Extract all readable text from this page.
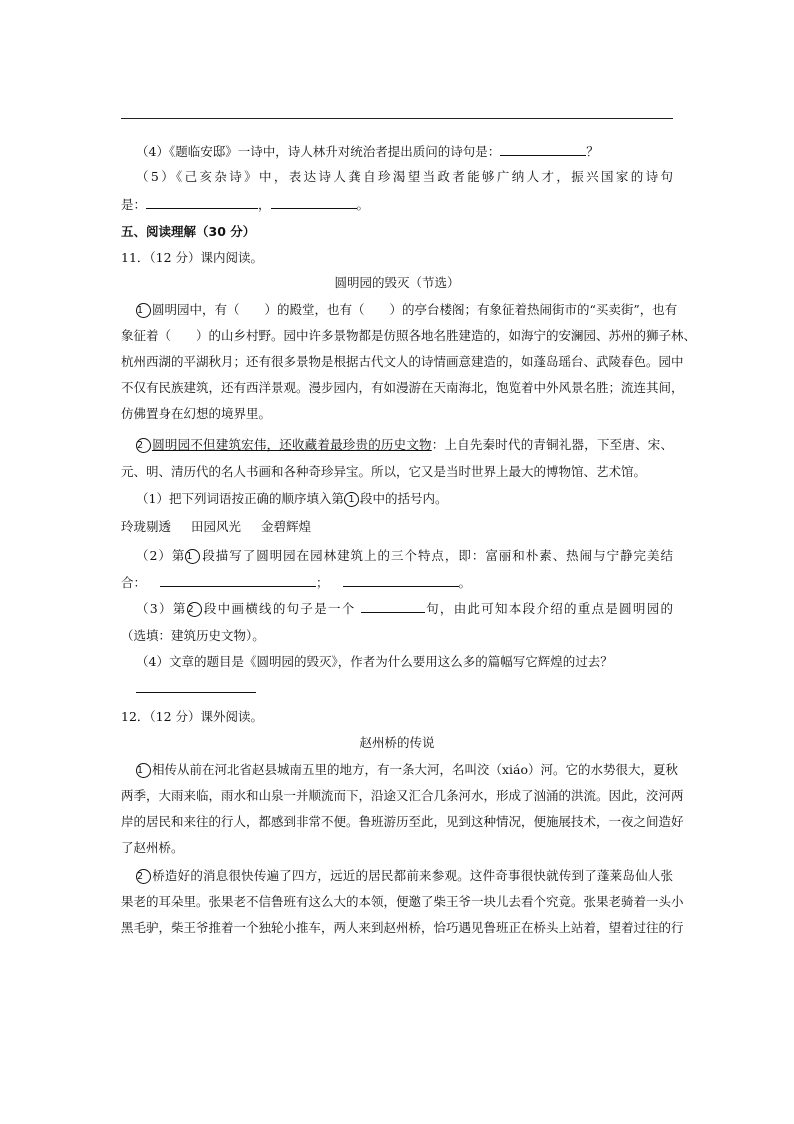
（4）《题临安邸》一诗中，诗人林升对统治者提出质问的诗句是：	？
（5）《己亥杂诗》中，表达诗人龚自珍渴望当政者能够广纳人才，振兴国家的诗句
是：	，	。
五、阅读理解（30 分）
11．（12 分）课内阅读。
圆明园的毁灭（节选）
1 圆明园中，有（　　）的殿堂，也有（　　）的亭台楼阁；有象征着热闹街市的“买卖街”，也有
象征着（　　）的山乡村野。园中许多景物都是仿照各地名胜建造的，如海宁的安澜园、苏州的狮子林、
杭州西湖的平湖秋月；还有很多景物是根据古代文人的诗情画意建造的，如蓬岛瑶台、武陵春色。园中
不仅有民族建筑，还有西洋景观。漫步园内，有如漫游在天南海北，饱览着中外风景名胜；流连其间，
仿佛置身在幻想的境界里。
2 圆明园不但建筑宏伟，还收藏着最珍贵的历史文物：上自先秦时代的青铜礼器，下至唐、宋、
元、明、清历代的名人书画和各种奇珍异宝。所以，它又是当时世界上最大的博物馆、艺术馆。
（1）把下列词语按正确的顺序填入第 1 段中的括号内。
玲珑剔透 田园风光 金碧辉煌
（2）第1 段描写了圆明园在园林建筑上的三个特点，即：富丽和朴素、热闹与宁静完美结
合：	；	。
（3）第2 段中画横线的句子是一个	句，由此可知本段介绍的重点是圆明园的
（选填：建筑历史文物）。
（4）文章的题目是《圆明园的毁灭》，作者为什么要用这么多的篇幅写它辉煌的过去？
12．（12 分）课外阅读。
赵州桥的传说
1 相传从前在河北省赵县城南五里的地方，有一条大河，名叫洨（xiáo）河。它的水势很大，夏秋
两季，大雨来临，雨水和山泉一并顺流而下，沿途又汇合几条河水，形成了汹涌的洪流。因此，洨河两
岸的居民和来往的行人，都感到非常不便。鲁班游历至此，见到这种情况，便施展技术，一夜之间造好
了赵州桥。
2 桥造好的消息很快传遍了四方，远近的居民都前来参观。这件奇事很快就传到了蓬莱岛仙人张
果老的耳朵里。张果老不信鲁班有这么大的本领，便邀了柴王爷一块儿去看个究竟。张果老骑着一头小
黑毛驴，柴王爷推着一个独轮小推车，两人来到赵州桥，恰巧遇见鲁班正在桥头上站着，望着过往的行
